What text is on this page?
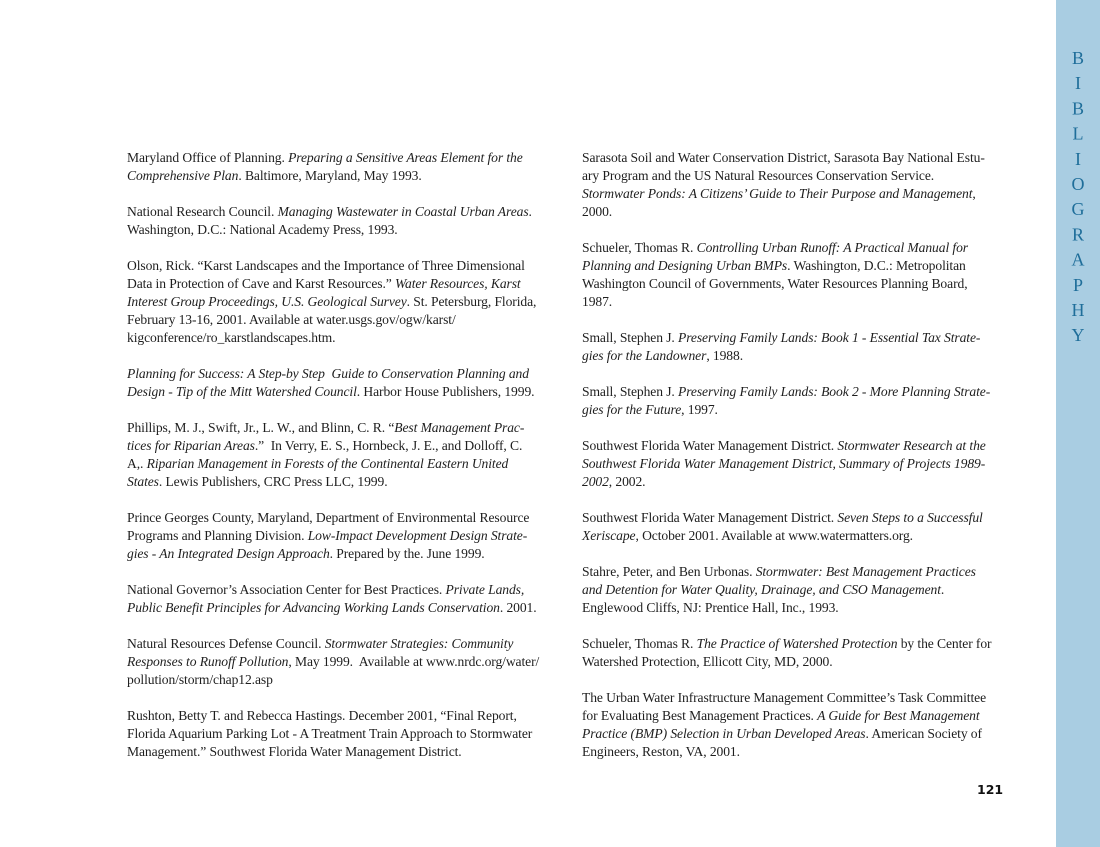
Maryland Office of Planning. Preparing a Sensitive Areas Element for the
Comprehensive Plan. Baltimore, Maryland, May 1993.
National Research Council. Managing Wastewater in Coastal Urban Areas.
Washington, D.C.: National Academy Press, 1993.
Olson, Rick. “Karst Landscapes and the Importance of Three Dimensional
Data in Protection of Cave and Karst Resources.” Water Resources, Karst
Interest Group Proceedings, U.S. Geological Survey. St. Petersburg, Florida,
February 13-16, 2001. Available at water.usgs.gov/ogw/karst/
kigconference/ro_karstlandscapes.htm.
Planning for Success: A Step-by Step  Guide to Conservation Planning and
Design - Tip of the Mitt Watershed Council. Harbor House Publishers, 1999.
Phillips, M. J., Swift, Jr., L. W., and Blinn, C. R. “Best Management Prac-
tices for Riparian Areas.”  In Verry, E. S., Hornbeck, J. E., and Dolloff, C.
A,. Riparian Management in Forests of the Continental Eastern United
States. Lewis Publishers, CRC Press LLC, 1999.
Prince Georges County, Maryland, Department of Environmental Resource
Programs and Planning Division. Low-Impact Development Design Strate-
gies - An Integrated Design Approach. Prepared by the. June 1999.
National Governor’s Association Center for Best Practices. Private Lands,
Public Benefit Principles for Advancing Working Lands Conservation. 2001.
Natural Resources Defense Council. Stormwater Strategies: Community
Responses to Runoff Pollution, May 1999.  Available at www.nrdc.org/water/
pollution/storm/chap12.asp
Rushton, Betty T. and Rebecca Hastings. December 2001, “Final Report,
Florida Aquarium Parking Lot - A Treatment Train Approach to Stormwater
Management.” Southwest Florida Water Management District.
Sarasota Soil and Water Conservation District, Sarasota Bay National Estu-
ary Program and the US Natural Resources Conservation Service.
Stormwater Ponds: A Citizens’ Guide to Their Purpose and Management,
2000.
Schueler, Thomas R. Controlling Urban Runoff: A Practical Manual for
Planning and Designing Urban BMPs. Washington, D.C.: Metropolitan
Washington Council of Governments, Water Resources Planning Board,
1987.
Small, Stephen J. Preserving Family Lands: Book 1 - Essential Tax Strate-
gies for the Landowner, 1988.
Small, Stephen J. Preserving Family Lands: Book 2 - More Planning Strate-
gies for the Future, 1997.
Southwest Florida Water Management District. Stormwater Research at the
Southwest Florida Water Management District, Summary of Projects 1989-
2002, 2002.
Southwest Florida Water Management District. Seven Steps to a Successful
Xeriscape, October 2001. Available at www.watermatters.org.
Stahre, Peter, and Ben Urbonas. Stormwater: Best Management Practices
and Detention for Water Quality, Drainage, and CSO Management.
Englewood Cliffs, NJ: Prentice Hall, Inc., 1993.
Schueler, Thomas R. The Practice of Watershed Protection by the Center for
Watershed Protection, Ellicott City, MD, 2000.
The Urban Water Infrastructure Management Committee’s Task Committee
for Evaluating Best Management Practices. A Guide for Best Management
Practice (BMP) Selection in Urban Developed Areas. American Society of
Engineers, Reston, VA, 2001.
BIBLIOGRAPHY
121
